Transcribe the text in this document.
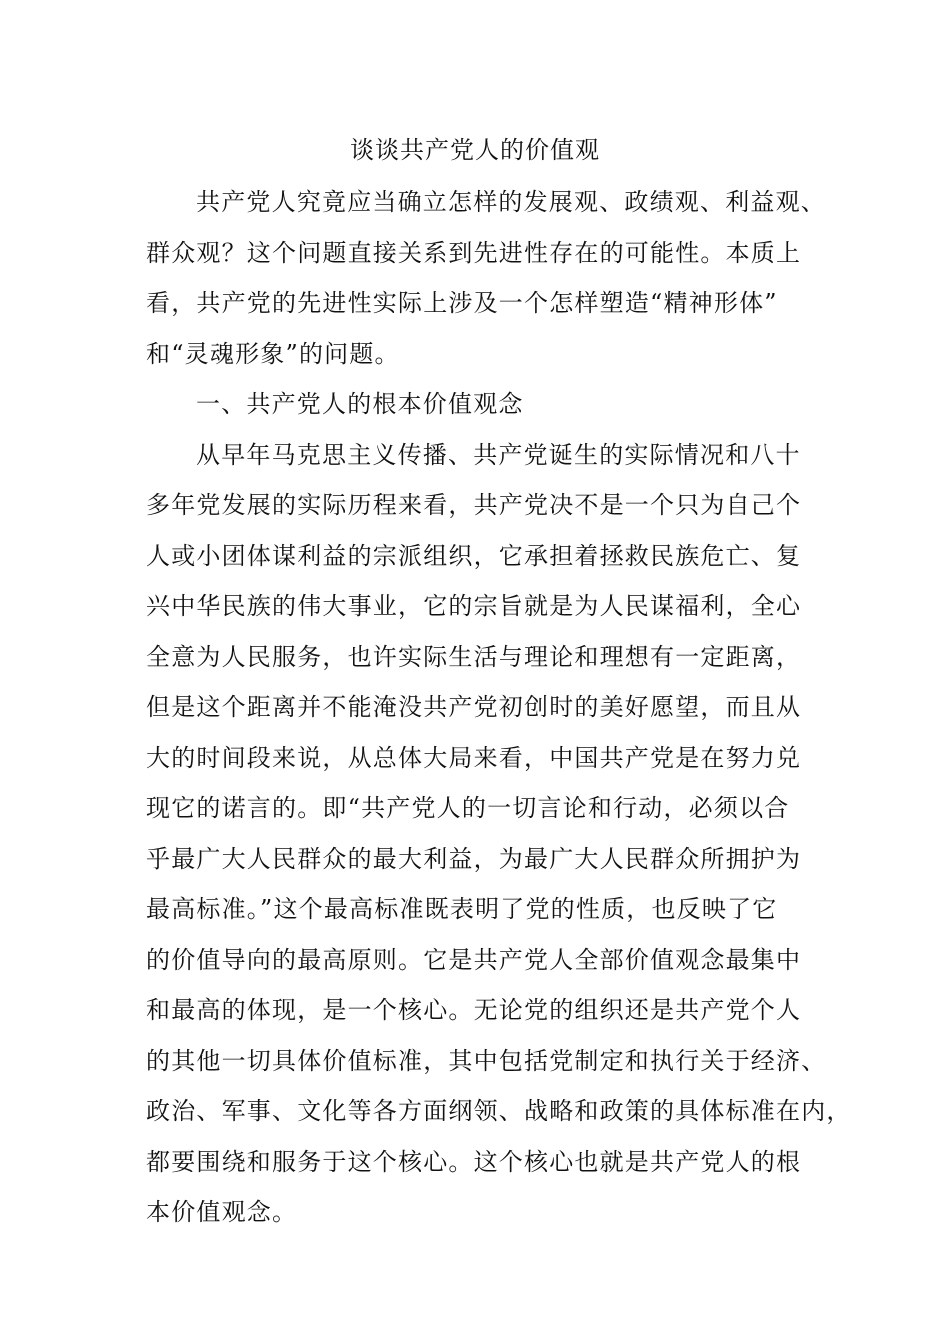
谈谈共产党人的价值观
共产党人究竟应当确立怎样的发展观、政绩观、利益观、
群众观？这个问题直接关系到先进性存在的可能性。本质上
看，共产党的先进性实际上涉及一个怎样塑造“精神形体”
和“灵魂形象”的问题。
一、共产党人的根本价值观念
从早年马克思主义传播、共产党诞生的实际情况和八十
多年党发展的实际历程来看，共产党决不是一个只为自己个
人或小团体谋利益的宗派组织，它承担着拯救民族危亡、复
兴中华民族的伟大事业，它的宗旨就是为人民谋福利，全心
全意为人民服务，也许实际生活与理论和理想有一定距离，
但是这个距离并不能淹没共产党初创时的美好愿望，而且从
大的时间段来说，从总体大局来看，中国共产党是在努力兑
现它的诺言的。即“共产党人的一切言论和行动，必须以合
乎最广大人民群众的最大利益，为最广大人民群众所拥护为
最高标准。”这个最高标准既表明了党的性质，也反映了它
的价值导向的最高原则。它是共产党人全部价值观念最集中
和最高的体现，是一个核心。无论党的组织还是共产党个人
的其他一切具体价值标准，其中包括党制定和执行关于经济、
政治、军事、文化等各方面纲领、战略和政策的具体标准在内，
都要围绕和服务于这个核心。这个核心也就是共产党人的根
本价值观念。
